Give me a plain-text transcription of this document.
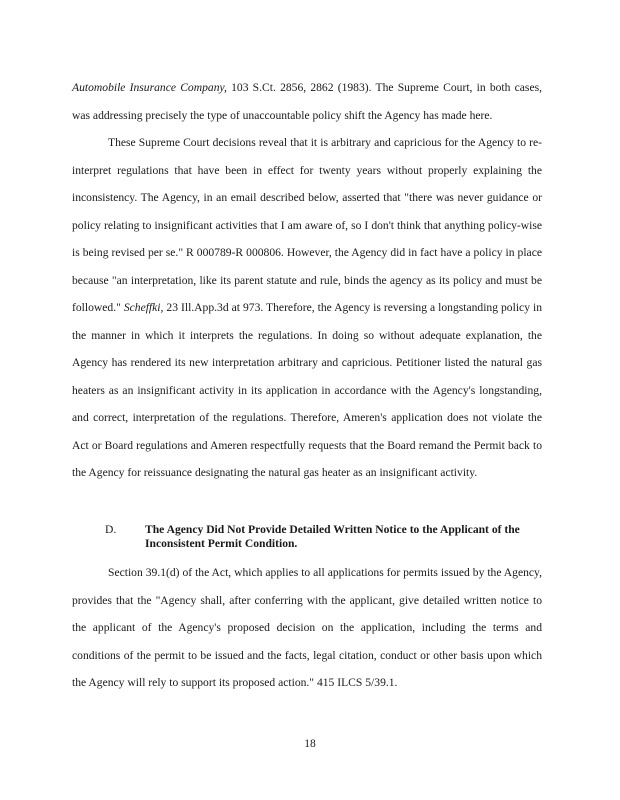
Automobile Insurance Company, 103 S.Ct. 2856, 2862 (1983). The Supreme Court, in both cases, was addressing precisely the type of unaccountable policy shift the Agency has made here.

These Supreme Court decisions reveal that it is arbitrary and capricious for the Agency to re-interpret regulations that have been in effect for twenty years without properly explaining the inconsistency. The Agency, in an email described below, asserted that "there was never guidance or policy relating to insignificant activities that I am aware of, so I don't think that anything policy-wise is being revised per se." R 000789-R 000806. However, the Agency did in fact have a policy in place because "an interpretation, like its parent statute and rule, binds the agency as its policy and must be followed." Scheffki, 23 Ill.App.3d at 973. Therefore, the Agency is reversing a longstanding policy in the manner in which it interprets the regulations. In doing so without adequate explanation, the Agency has rendered its new interpretation arbitrary and capricious. Petitioner listed the natural gas heaters as an insignificant activity in its application in accordance with the Agency's longstanding, and correct, interpretation of the regulations. Therefore, Ameren's application does not violate the Act or Board regulations and Ameren respectfully requests that the Board remand the Permit back to the Agency for reissuance designating the natural gas heater as an insignificant activity.

D. The Agency Did Not Provide Detailed Written Notice to the Applicant of the Inconsistent Permit Condition.

Section 39.1(d) of the Act, which applies to all applications for permits issued by the Agency, provides that the "Agency shall, after conferring with the applicant, give detailed written notice to the applicant of the Agency's proposed decision on the application, including the terms and conditions of the permit to be issued and the facts, legal citation, conduct or other basis upon which the Agency will rely to support its proposed action." 415 ILCS 5/39.1.

18
